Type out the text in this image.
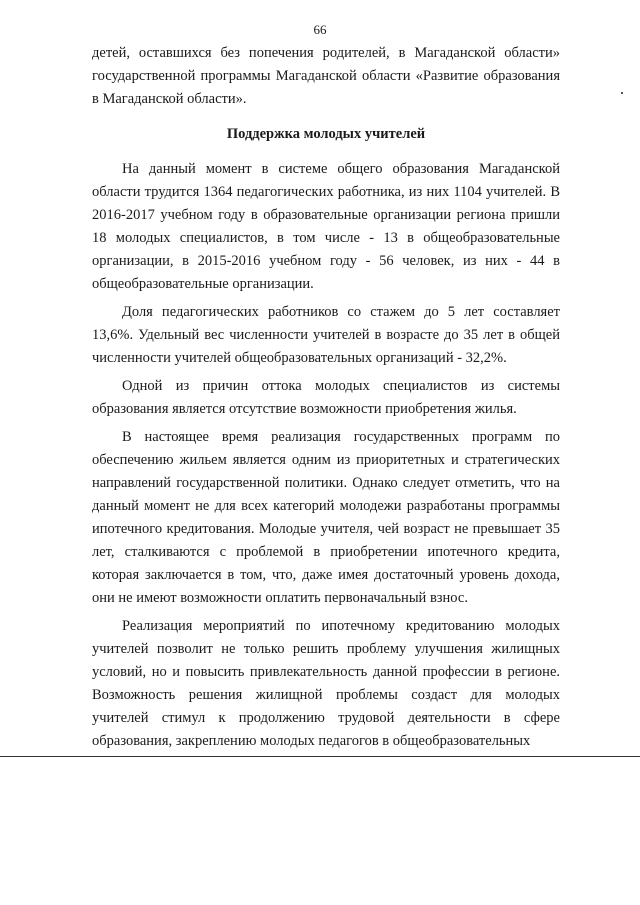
66

детей, оставшихся без попечения родителей, в Магаданской области» государственной программы Магаданской области «Развитие образования в Магаданской области».

Поддержка молодых учителей

На данный момент в системе общего образования Магаданской области трудится 1364 педагогических работника, из них 1104 учителей. В 2016-2017 учебном году в образовательные организации региона пришли 18 молодых специалистов, в том числе - 13 в общеобразовательные организации, в 2015-2016 учебном году - 56 человек, из них - 44 в общеобразовательные организации.

Доля педагогических работников со стажем до 5 лет составляет 13,6%. Удельный вес численности учителей в возрасте до 35 лет в общей численности учителей общеобразовательных организаций - 32,2%.

Одной из причин оттока молодых специалистов из системы образования является отсутствие возможности приобретения жилья.

В настоящее время реализация государственных программ по обеспечению жильем является одним из приоритетных и стратегических направлений государственной политики. Однако следует отметить, что на данный момент не для всех категорий молодежи разработаны программы ипотечного кредитования. Молодые учителя, чей возраст не превышает 35 лет, сталкиваются с проблемой в приобретении ипотечного кредита, которая заключается в том, что, даже имея достаточный уровень дохода, они не имеют возможности оплатить первоначальный взнос.

Реализация мероприятий по ипотечному кредитованию молодых учителей позволит не только решить проблему улучшения жилищных условий, но и повысить привлекательность данной профессии в регионе. Возможность решения жилищной проблемы создаст для молодых учителей стимул к продолжению трудовой деятельности в сфере образования, закреплению молодых педагогов в общеобразовательных
